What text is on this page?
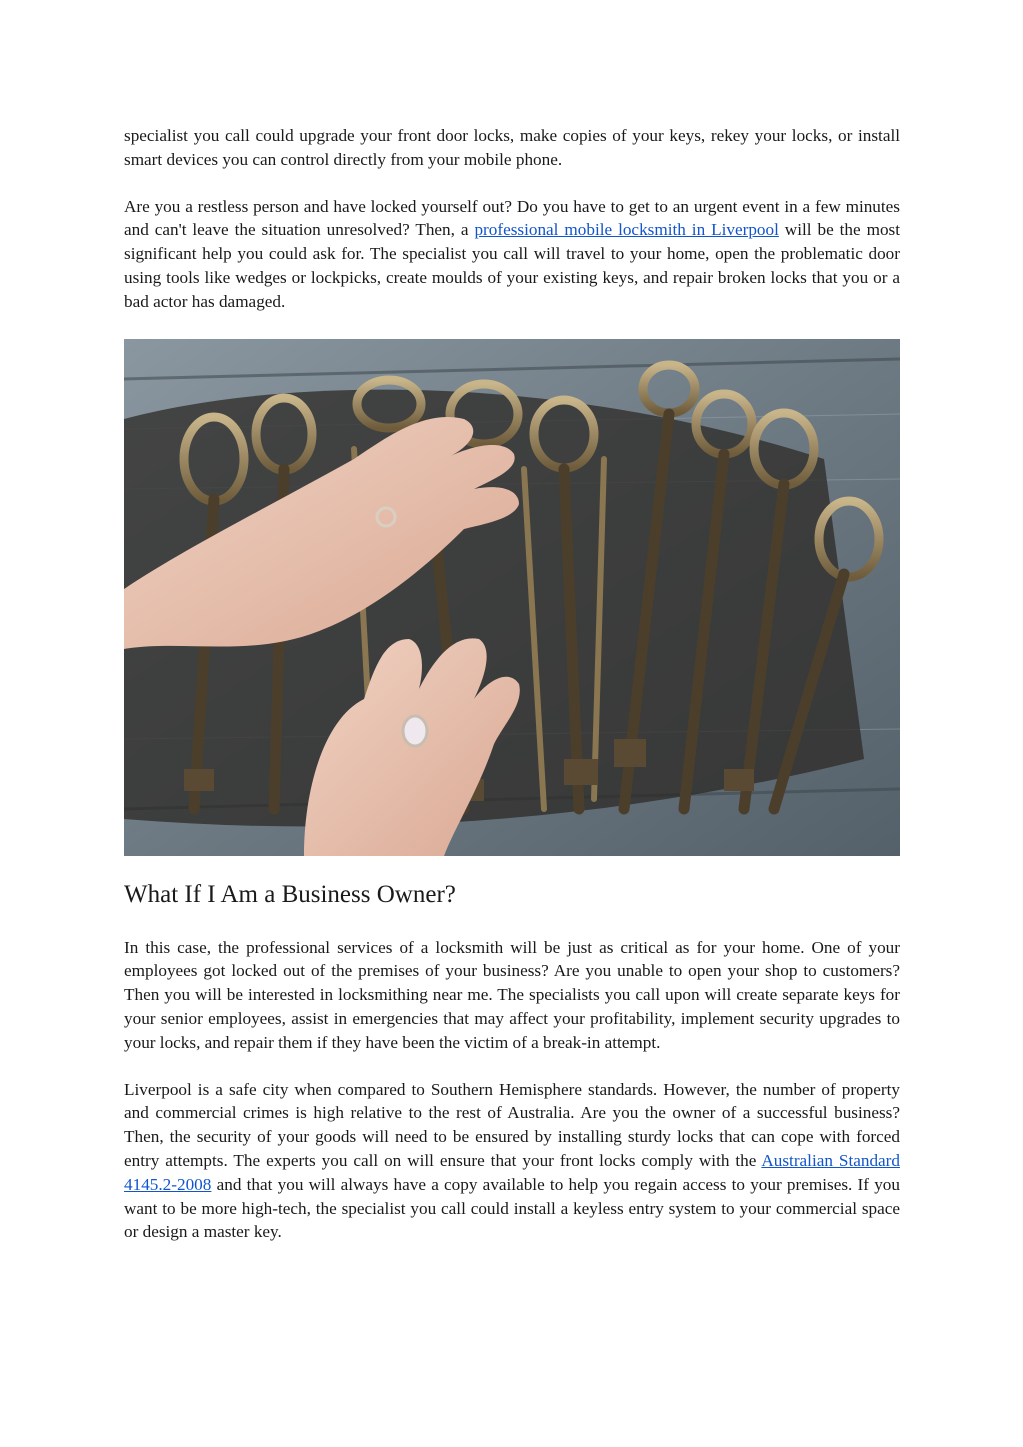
specialist you call could upgrade your front door locks, make copies of your keys, rekey your locks, or install smart devices you can control directly from your mobile phone.

Are you a restless person and have locked yourself out? Do you have to get to an urgent event in a few minutes and can't leave the situation unresolved? Then, a professional mobile locksmith in Liverpool will be the most significant help you could ask for. The specialist you call will travel to your home, open the problematic door using tools like wedges or lockpicks, create moulds of your existing keys, and repair broken locks that you or a bad actor has damaged.

What If I Am a Business Owner?

In this case, the professional services of a locksmith will be just as critical as for your home. One of your employees got locked out of the premises of your business? Are you unable to open your shop to customers? Then you will be interested in locksmithing near me. The specialists you call upon will create separate keys for your senior employees, assist in emergencies that may affect your profitability, implement security upgrades to your locks, and repair them if they have been the victim of a break-in attempt.

Liverpool is a safe city when compared to Southern Hemisphere standards. However, the number of property and commercial crimes is high relative to the rest of Australia. Are you the owner of a successful business? Then, the security of your goods will need to be ensured by installing sturdy locks that can cope with forced entry attempts. The experts you call on will ensure that your front locks comply with the Australian Standard 4145.2-2008 and that you will always have a copy available to help you regain access to your premises. If you want to be more high-tech, the specialist you call could install a keyless entry system to your commercial space or design a master key.
